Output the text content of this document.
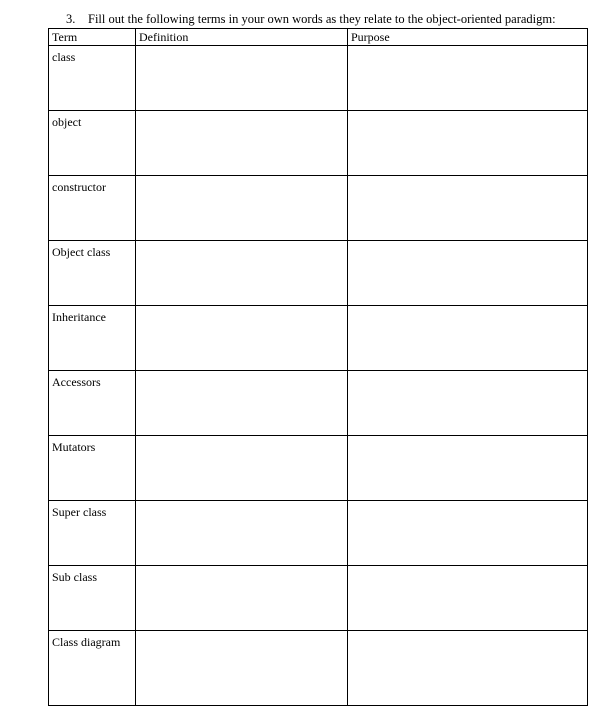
3. Fill out the following terms in your own words as they relate to the object-oriented paradigm:
Term	Definition	Purpose
class		
object		
constructor		
Object class		
Inheritance		
Accessors		
Mutators		
Super class		
Sub class		
Class diagram		
